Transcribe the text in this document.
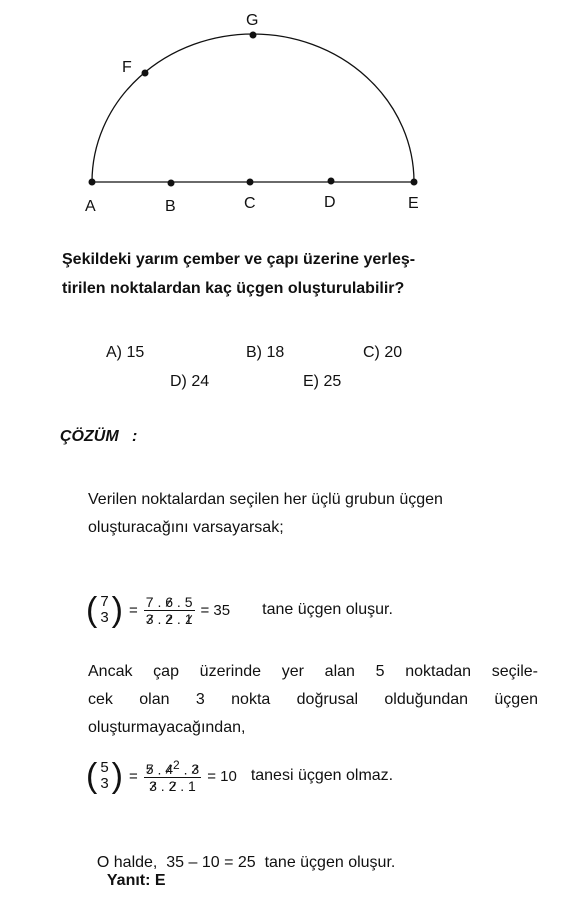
A	B	C	D	E
F
G
Şekildeki yarım çember ve çapı üzerine yerleş-
tirilen noktalardan kaç üçgen oluşturulabilir?
A) 15	B) 18	C) 20
D) 24	E) 25
ÇÖZÜM   :
Verilen noktalardan seçilen her üçlü grubun üçgen
oluşturacağını varsayarsak;
( 7
3 ) = $\frac{7 . 6 . 5}{3 . 2 . 1} = 35$ tane üçgen oluşur.
Ancak çap üzerinde yer alan 5 noktadan seçile-
cek olan 3 nokta doğrusal olduğundan üçgen
oluşturmayacağından,
( 5
3 ) = $\frac{5 . 4^2 . 3}{3 . 2 . 1} = 10$ tanesi üçgen olmaz.

O halde,  35 – 10 = 25  tane üçgen oluşur.
Yanıt: E
